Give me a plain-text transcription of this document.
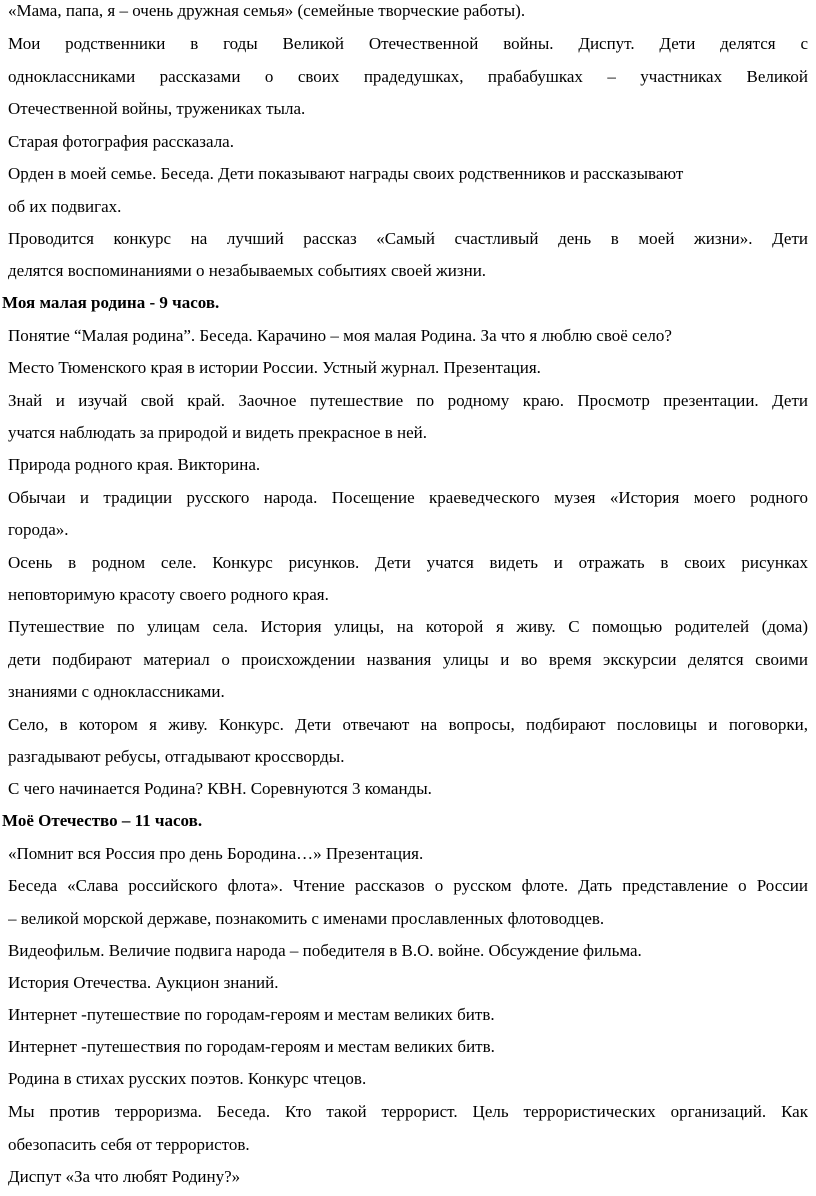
«Мама, папа, я – очень дружная семья» (семейные творческие работы).
Мои родственники в годы Великой Отечественной войны. Диспут. Дети делятся с
одноклассниками рассказами о своих прадедушках, прабабушках – участниках Великой
Отечественной войны, тружениках тыла.
Старая фотография рассказала.
Орден в моей семье. Беседа. Дети показывают награды своих родственников и рассказывают
об их подвигах.
Проводится конкурс на лучший рассказ «Самый счастливый день в моей жизни». Дети
делятся воспоминаниями о незабываемых событиях своей жизни.
Моя малая родина - 9 часов.
Понятие “Малая родина”. Беседа. Карачино – моя малая Родина. За что я люблю своё село?
Место Тюменского края в истории России. Устный журнал. Презентация.
Знай и изучай свой край. Заочное путешествие по родному краю. Просмотр презентации. Дети
учатся наблюдать за природой и видеть прекрасное в ней.
Природа родного края. Викторина.
Обычаи и традиции русского народа. Посещение краеведческого музея «История моего родного
города».
Осень в родном селе. Конкурс рисунков. Дети учатся видеть и отражать в своих рисунках
неповторимую красоту своего родного края.
Путешествие по улицам села. История улицы, на которой я живу. С помощью родителей (дома)
дети подбирают материал о происхождении названия улицы и во время экскурсии делятся своими
знаниями с одноклассниками.
Село, в котором я живу. Конкурс. Дети отвечают на вопросы, подбирают пословицы и поговорки,
разгадывают ребусы, отгадывают кроссворды.
С чего начинается Родина? КВН. Соревнуются 3 команды.
Моё Отечество – 11 часов.
«Помнит вся Россия про день Бородина…» Презентация.
Беседа «Слава российского флота». Чтение рассказов о русском флоте. Дать представление о России
– великой морской державе, познакомить с именами прославленных флотоводцев.
Видеофильм. Величие подвига народа – победителя в В.О. войне. Обсуждение фильма.
История Отечества. Аукцион знаний.
Интернет -путешествие по городам-героям и местам великих битв.
Интернет -путешествия по городам-героям и местам великих битв.
Родина в стихах русских поэтов. Конкурс чтецов.
Мы против терроризма. Беседа. Кто такой террорист. Цель террористических организаций. Как
обезопасить себя от террористов.
Диспут «За что любят Родину?»
